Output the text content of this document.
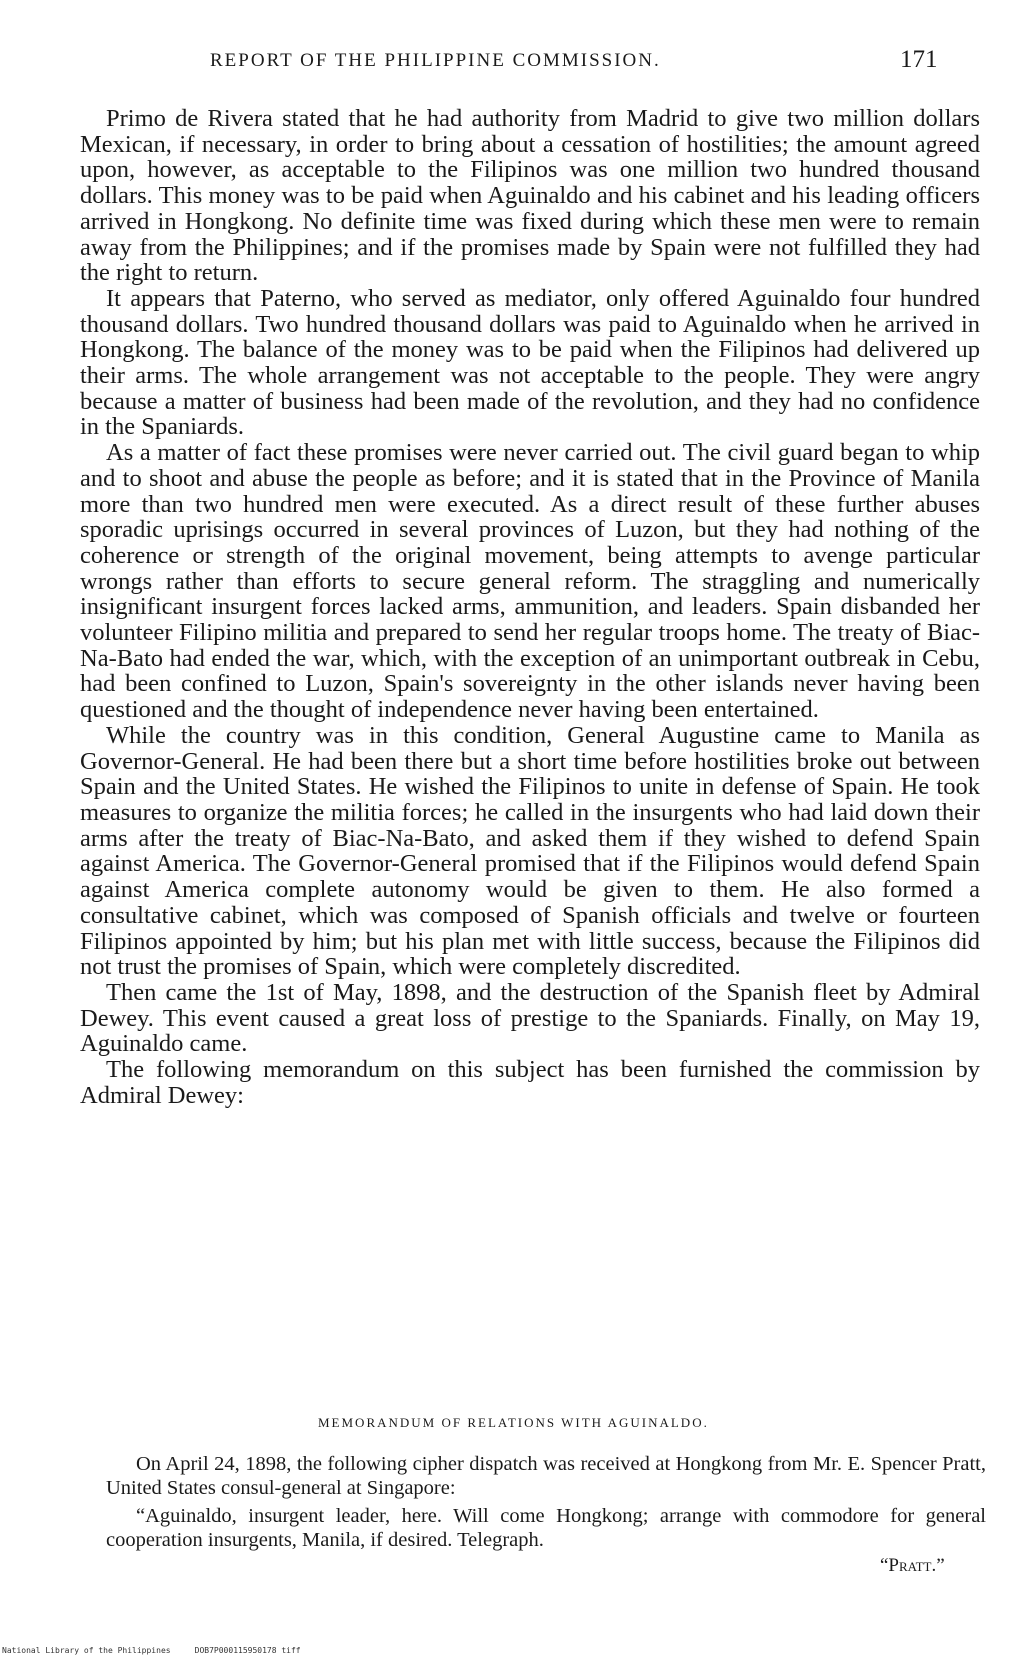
REPORT OF THE PHILIPPINE COMMISSION.	171

Primo de Rivera stated that he had authority from Madrid to give two million dollars Mexican, if necessary, in order to bring about a cessation of hostilities; the amount agreed upon, however, as acceptable to the Filipinos was one million two hundred thousand dollars. This money was to be paid when Aguinaldo and his cabinet and his leading officers arrived in Hongkong. No definite time was fixed during which these men were to remain away from the Philippines; and if the promises made by Spain were not fulfilled they had the right to return.

It appears that Paterno, who served as mediator, only offered Aguinaldo four hundred thousand dollars. Two hundred thousand dollars was paid to Aguinaldo when he arrived in Hongkong. The balance of the money was to be paid when the Filipinos had delivered up their arms. The whole arrangement was not acceptable to the people. They were angry because a matter of business had been made of the revolution, and they had no confidence in the Spaniards.

As a matter of fact these promises were never carried out. The civil guard began to whip and to shoot and abuse the people as before; and it is stated that in the Province of Manila more than two hundred men were executed. As a direct result of these further abuses sporadic uprisings occurred in several provinces of Luzon, but they had nothing of the coherence or strength of the original movement, being attempts to avenge particular wrongs rather than efforts to secure general reform. The straggling and numerically insignificant insurgent forces lacked arms, ammunition, and leaders. Spain disbanded her volunteer Filipino militia and prepared to send her regular troops home. The treaty of Biac-Na-Bato had ended the war, which, with the exception of an unimportant outbreak in Cebu, had been confined to Luzon, Spain's sovereignty in the other islands never having been questioned and the thought of independence never having been entertained.

While the country was in this condition, General Augustine came to Manila as Governor-General. He had been there but a short time before hostilities broke out between Spain and the United States. He wished the Filipinos to unite in defense of Spain. He took measures to organize the militia forces; he called in the insurgents who had laid down their arms after the treaty of Biac-Na-Bato, and asked them if they wished to defend Spain against America. The Governor-General promised that if the Filipinos would defend Spain against America complete autonomy would be given to them. He also formed a consultative cabinet, which was composed of Spanish officials and twelve or fourteen Filipinos appointed by him; but his plan met with little success, because the Filipinos did not trust the promises of Spain, which were completely discredited.

Then came the 1st of May, 1898, and the destruction of the Spanish fleet by Admiral Dewey. This event caused a great loss of prestige to the Spaniards. Finally, on May 19, Aguinaldo came.

The following memorandum on this subject has been furnished the commission by Admiral Dewey:

MEMORANDUM OF RELATIONS WITH AGUINALDO.

On April 24, 1898, the following cipher dispatch was received at Hongkong from Mr. E. Spencer Pratt, United States consul-general at Singapore:

“Aguinaldo, insurgent leader, here. Will come Hongkong; arrange with commodore for general cooperation insurgents, Manila, if desired. Telegraph.

“Pratt.”
National Library of the Philippines     DOB7P000115950178 tiff
